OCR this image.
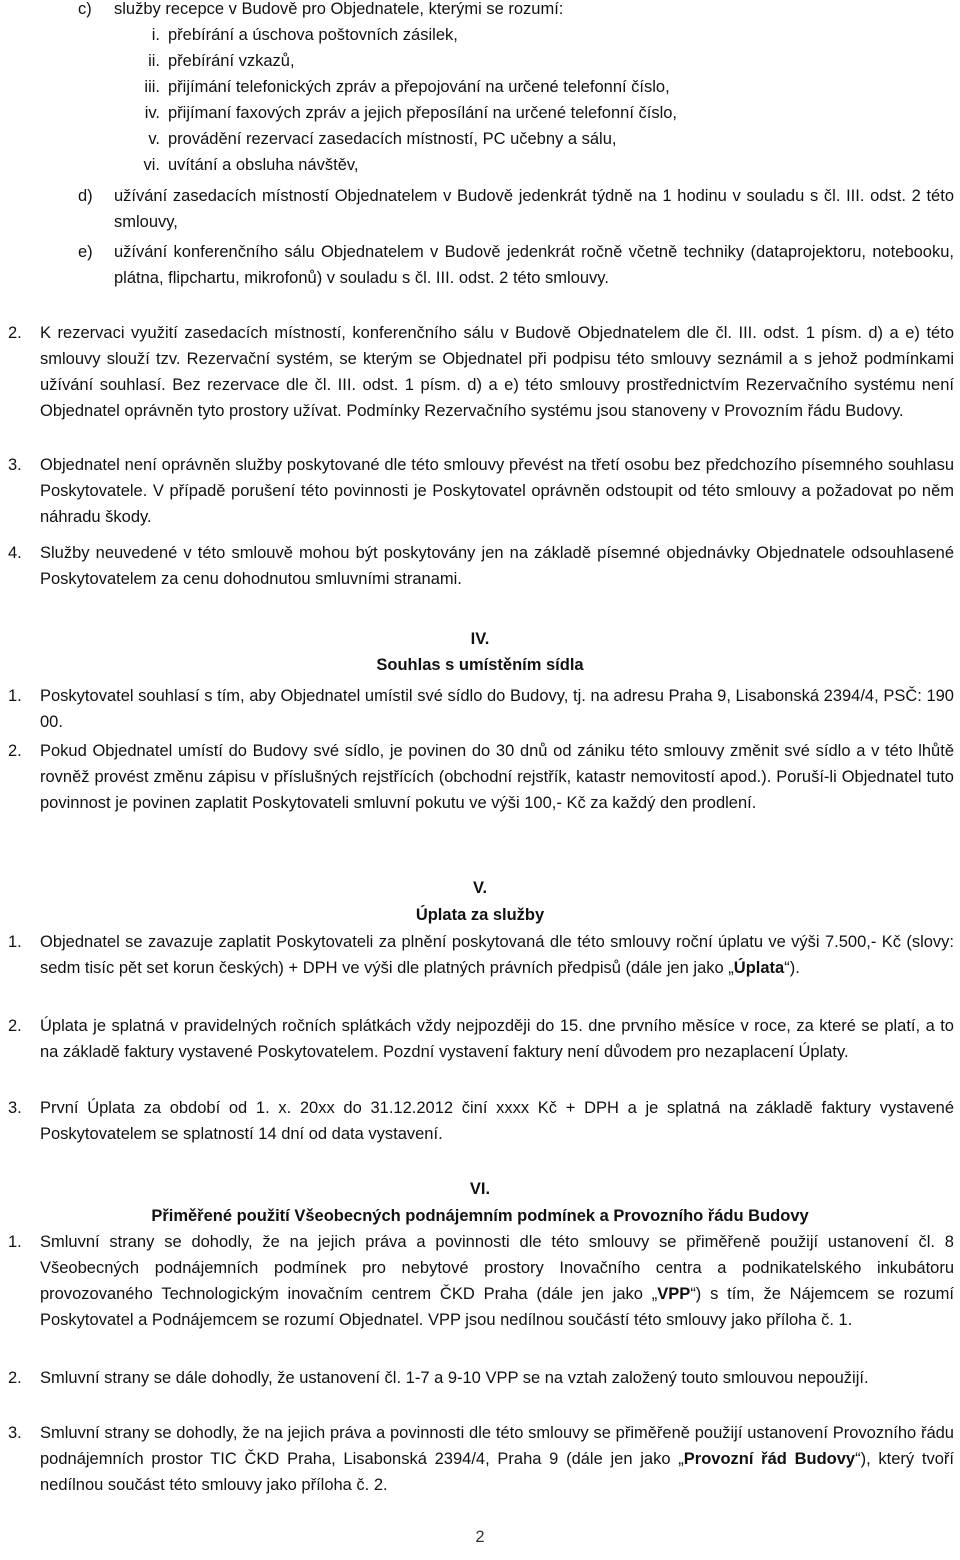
c)	služby recepce v Budově pro Objednatele, kterými se rozumí:
i. přebírání a úschova poštovních zásilek,
ii. přebírání vzkazů,
iii. přijímání telefonických zpráv a přepojování na určené telefonní číslo,
iv. přijímaní faxových zpráv a jejich přeposílání na určené telefonní číslo,
v. provádění rezervací zasedacích místností, PC učebny a sálu,
vi. uvítání a obsluha návštěv,
d)	užívání zasedacích místností Objednatelem v Budově jedenkrát týdně na 1 hodinu v souladu s čl. III. odst. 2 této smlouvy,
e)	užívání konferenčního sálu Objednatelem v Budově jedenkrát ročně včetně techniky (dataprojektoru, notebooku, plátna, flipchartu, mikrofonů) v souladu s čl. III. odst. 2 této smlouvy.
2.	K rezervaci využití zasedacích místností, konferenčního sálu v Budově Objednatelem dle čl. III. odst. 1 písm. d) a e) této smlouvy slouží tzv. Rezervační systém, se kterým se Objednatel při podpisu této smlouvy seznámil a s jehož podmínkami užívání souhlasí. Bez rezervace dle čl. III. odst. 1 písm. d) a e) této smlouvy prostřednictvím Rezervačního systému není Objednatel oprávněn tyto prostory užívat. Podmínky Rezervačního systému jsou stanoveny v Provozním řádu Budovy.
3.	Objednatel není oprávněn služby poskytované dle této smlouvy převést na třetí osobu bez předchozího písemného souhlasu Poskytovatele. V případě porušení této povinnosti je Poskytovatel oprávněn odstoupit od této smlouvy a požadovat po něm náhradu škody.
4.	Služby neuvedené v této smlouvě mohou být poskytovány jen na základě písemné objednávky Objednatele odsouhlasené Poskytovatelem za cenu dohodnutou smluvními stranami.
IV.
Souhlas s umístěním sídla
1.	Poskytovatel souhlasí s tím, aby Objednatel umístil své sídlo do Budovy, tj. na adresu Praha 9, Lisabonská 2394/4, PSČ: 190 00.
2.	Pokud Objednatel umístí do Budovy své sídlo, je povinen do 30 dnů od zániku této smlouvy změnit své sídlo a v této lhůtě rovněž provést změnu zápisu v příslušných rejstřících (obchodní rejstřík, katastr nemovitostí apod.). Poruší-li Objednatel tuto povinnost je povinen zaplatit Poskytovateli smluvní pokutu ve výši 100,- Kč za každý den prodlení.
V.
Úplata za služby
1.	Objednatel se zavazuje zaplatit Poskytovateli za plnění poskytovaná dle této smlouvy roční úplatu ve výši 7.500,- Kč (slovy: sedm tisíc pět set korun českých) + DPH ve výši dle platných právních předpisů (dále jen jako „Úplata“).
2.	Úplata je splatná v pravidelných ročních splátkách vždy nejpozději do 15. dne prvního měsíce v roce, za které se platí, a to na základě faktury vystavené Poskytovatelem. Pozdní vystavení faktury není důvodem pro nezaplacení Úplaty.
3.	První Úplata za období od 1. x. 20xx do 31.12.2012 činí xxxx Kč + DPH a je splatná na základě faktury vystavené Poskytovatelem se splatností 14 dní od data vystavení.
VI.
Přiměřené použití Všeobecných podnájemním podmínek a Provozního řádu Budovy
1.	Smluvní strany se dohodly, že na jejich práva a povinnosti dle této smlouvy se přiměřeně použijí ustanovení čl. 8 Všeobecných podnájemních podmínek pro nebytové prostory Inovačního centra a podnikatelského inkubátoru provozovaného Technologickým inovačním centrem ČKD Praha (dále jen jako „VPP“) s tím, že Nájemcem se rozumí Poskytovatel a Podnájemcem se rozumí Objednatel. VPP jsou nedílnou součástí této smlouvy jako příloha č. 1.
2.	Smluvní strany se dále dohodly, že ustanovení čl. 1-7 a 9-10 VPP se na vztah založený touto smlouvou nepoužijí.
3.	Smluvní strany se dohodly, že na jejich práva a povinnosti dle této smlouvy se přiměřeně použijí ustanovení Provozního řádu podnájemních prostor TIC ČKD Praha, Lisabonská 2394/4, Praha 9 (dále jen jako „Provozní řád Budovy“), který tvoří nedílnou součást této smlouvy jako příloha č. 2.
2
